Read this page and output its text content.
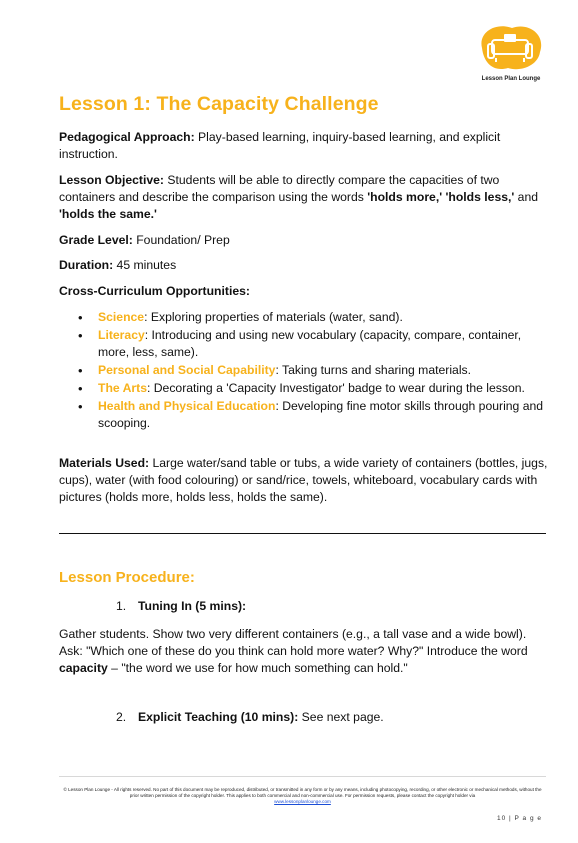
Lesson Plan Lounge
Lesson 1: The Capacity Challenge

Pedagogical Approach: Play-based learning, inquiry-based learning, and explicit instruction.

Lesson Objective: Students will be able to directly compare the capacities of two containers and describe the comparison using the words 'holds more,' 'holds less,' and 'holds the same.'

Grade Level: Foundation/ Prep

Duration: 45 minutes

Cross-Curriculum Opportunities:

• Science: Exploring properties of materials (water, sand).
• Literacy: Introducing and using new vocabulary (capacity, compare, container, more, less, same).
• Personal and Social Capability: Taking turns and sharing materials.
• The Arts: Decorating a 'Capacity Investigator' badge to wear during the lesson.
• Health and Physical Education: Developing fine motor skills through pouring and scooping.

Materials Used: Large water/sand table or tubs, a wide variety of containers (bottles, jugs, cups), water (with food colouring) or sand/rice, towels, whiteboard, vocabulary cards with pictures (holds more, holds less, holds the same).

Lesson Procedure:
1. Tuning In (5 mins):

Gather students. Show two very different containers (e.g., a tall vase and a wide bowl). Ask: "Which one of these do you think can hold more water? Why?" Introduce the word capacity – "the word we use for how much something can hold."

2. Explicit Teaching (10 mins): See next page.
© Lesson Plan Lounge - All rights reserved. No part of this document may be reproduced, distributed, or transmitted in any form or by any means, including photocopying, recording, or other electronic or mechanical methods, without the prior written permission of the copyright holder. This applies to both commercial and non-commercial use. For permission requests, please contact the copyright holder via
www.lessonplanlounge.com
10 | P a g e
